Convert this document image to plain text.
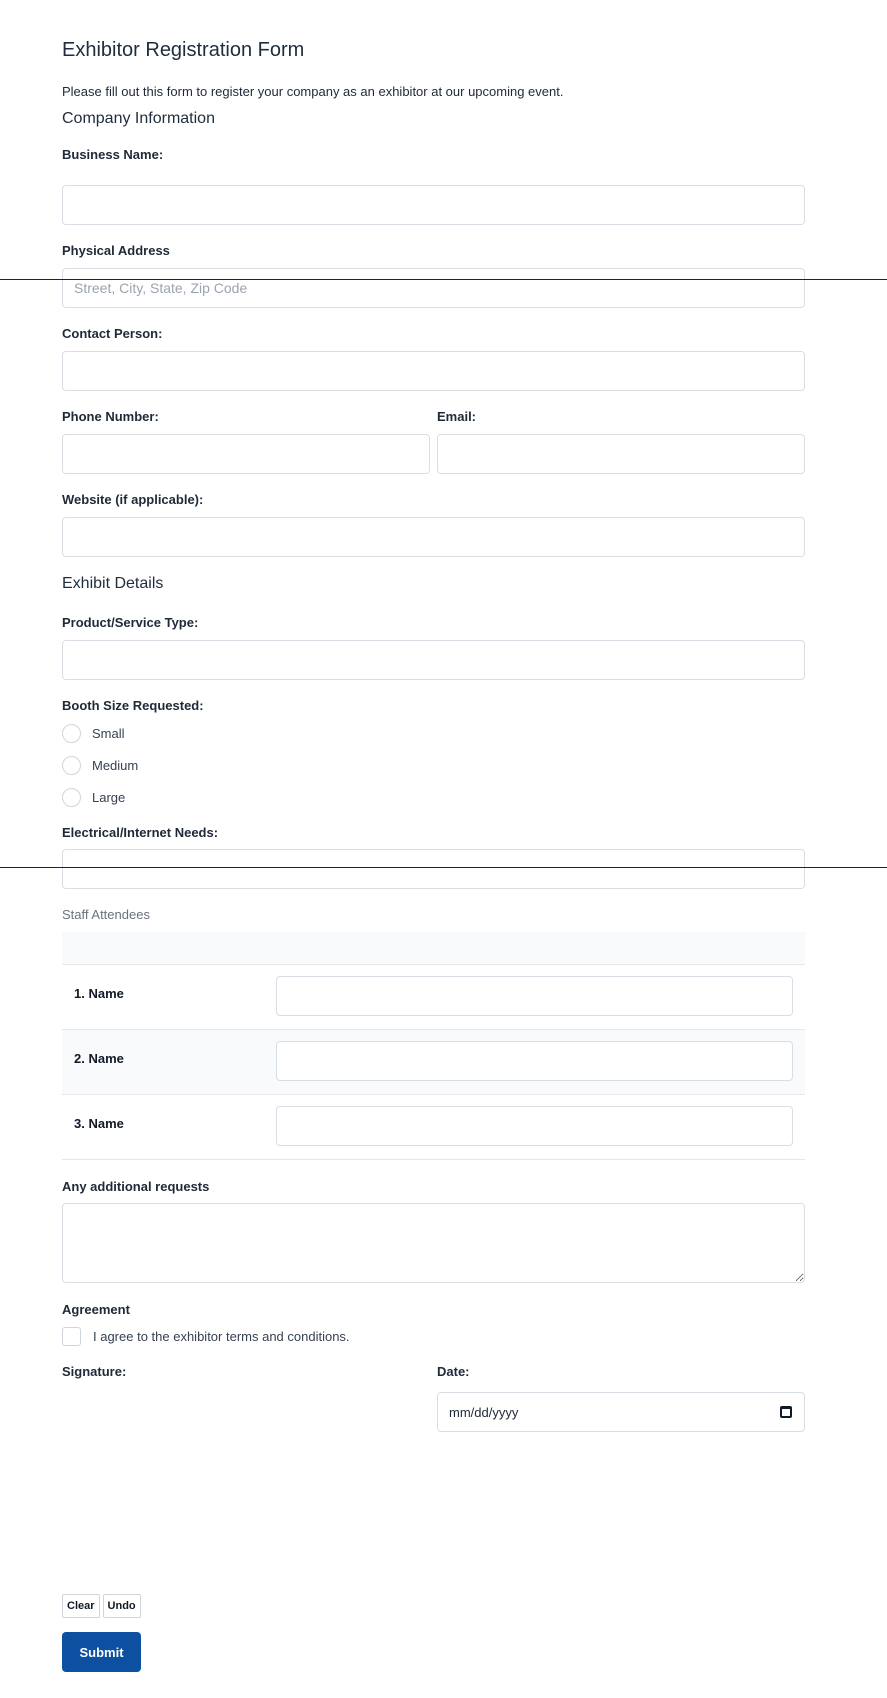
Exhibitor Registration Form
Please fill out this form to register your company as an exhibitor at our upcoming event.
Company Information
Business Name:
Physical Address
Street, City, State, Zip Code
Contact Person:
Phone Number:	Email:
Website (if applicable):
Exhibit Details
Product/Service Type:
Booth Size Requested:
Small
Medium
Large
Electrical/Internet Needs:
Staff Attendees
1. Name
2. Name
3. Name
Any additional requests
Agreement
I agree to the exhibitor terms and conditions.
Signature:	Date:
mm/dd/yyyy
Clear	Undo
Submit
